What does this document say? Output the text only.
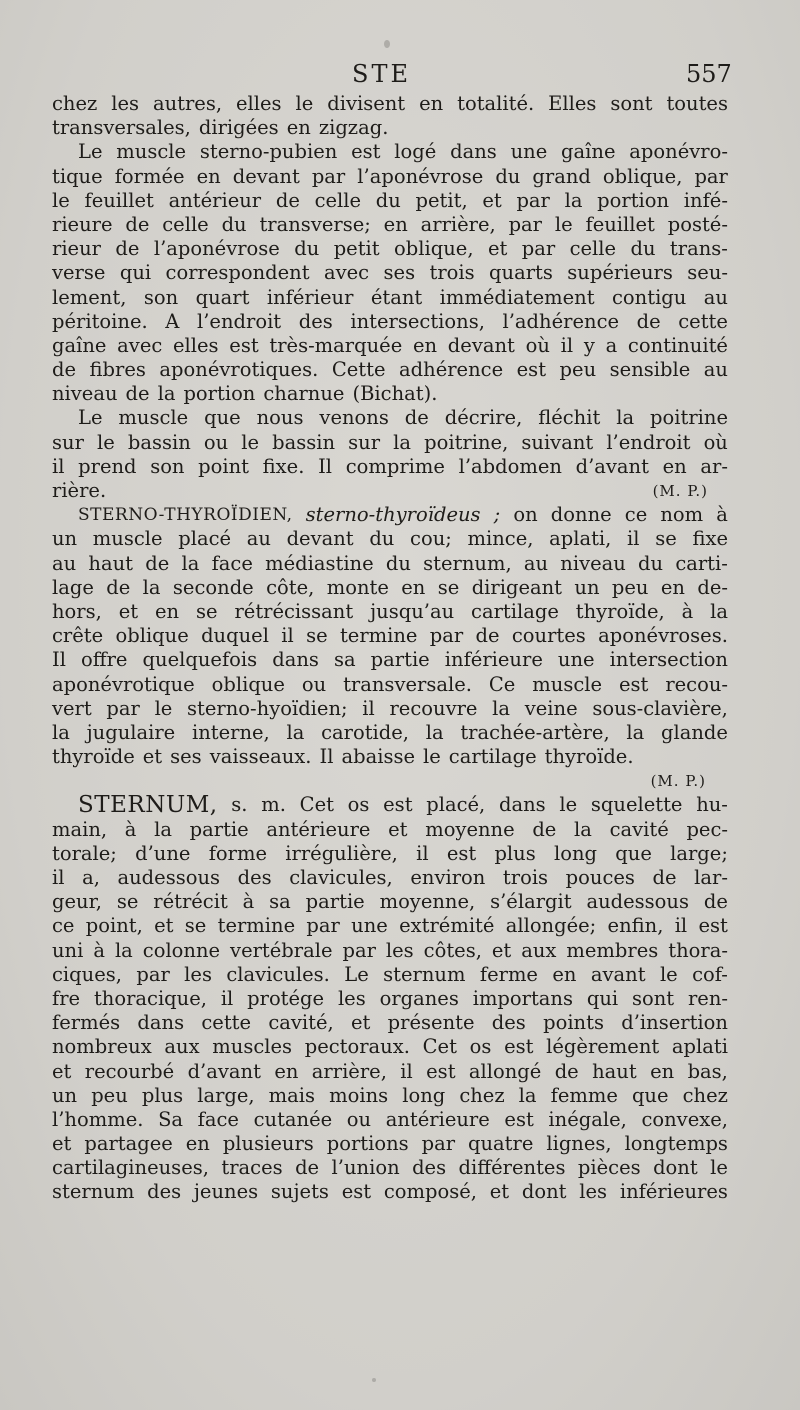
STE	557
chez les autres, elles le divisent en totalité. Elles sont toutes
transversales, dirigées en zigzag.
Le muscle sterno-pubien est logé dans une gaîne aponévro-
tique formée en devant par l’aponévrose du grand oblique, par
le feuillet antérieur de celle du petit, et par la portion infé-
rieure de celle du transverse; en arrière, par le feuillet posté-
rieur de l’aponévrose du petit oblique, et par celle du trans-
verse qui correspondent avec ses trois quarts supérieurs seu-
lement, son quart inférieur étant immédiatement contigu au
péritoine. A l’endroit des intersections, l’adhérence de cette
gaîne avec elles est très-marquée en devant où il y a continuité
de fibres aponévrotiques. Cette adhérence est peu sensible au
niveau de la portion charnue (Bichat).
Le muscle que nous venons de décrire, fléchit la poitrine
sur le bassin ou le bassin sur la poitrine, suivant l’endroit où
il prend son point fixe. Il comprime l’abdomen d’avant en ar-
rière.	(M. P.)
STERNO-THYROÏDIEN, sterno-thyroïdeus ; on donne ce nom à
un muscle placé au devant du cou; mince, aplati, il se fixe
au haut de la face médiastine du sternum, au niveau du carti-
lage de la seconde côte, monte en se dirigeant un peu en de-
hors, et en se rétrécissant jusqu’au cartilage thyroïde, à la
crête oblique duquel il se termine par de courtes aponévroses.
Il offre quelquefois dans sa partie inférieure une intersection
aponévrotique oblique ou transversale. Ce muscle est recou-
vert par le sterno-hyoïdien; il recouvre la veine sous-clavière,
la jugulaire interne, la carotide, la trachée-artère, la glande
thyroïde et ses vaisseaux. Il abaisse le cartilage thyroïde.
(M. P.)
STERNUM, s. m. Cet os est placé, dans le squelette hu-
main, à la partie antérieure et moyenne de la cavité pec-
torale; d’une forme irrégulière, il est plus long que large;
il a, audessous des clavicules, environ trois pouces de lar-
geur, se rétrécit à sa partie moyenne, s’élargit audessous de
ce point, et se termine par une extrémité allongée; enfin, il est
uni à la colonne vertébrale par les côtes, et aux membres thora-
ciques, par les clavicules. Le sternum ferme en avant le cof-
fre thoracique, il protége les organes importans qui sont ren-
fermés dans cette cavité, et présente des points d’insertion
nombreux aux muscles pectoraux. Cet os est légèrement aplati
et recourbé d’avant en arrière, il est allongé de haut en bas,
un peu plus large, mais moins long chez la femme que chez
l’homme. Sa face cutanée ou antérieure est inégale, convexe,
et partagee en plusieurs portions par quatre lignes, longtemps
cartilagineuses, traces de l’union des différentes pièces dont le
sternum des jeunes sujets est composé, et dont les inférieures
